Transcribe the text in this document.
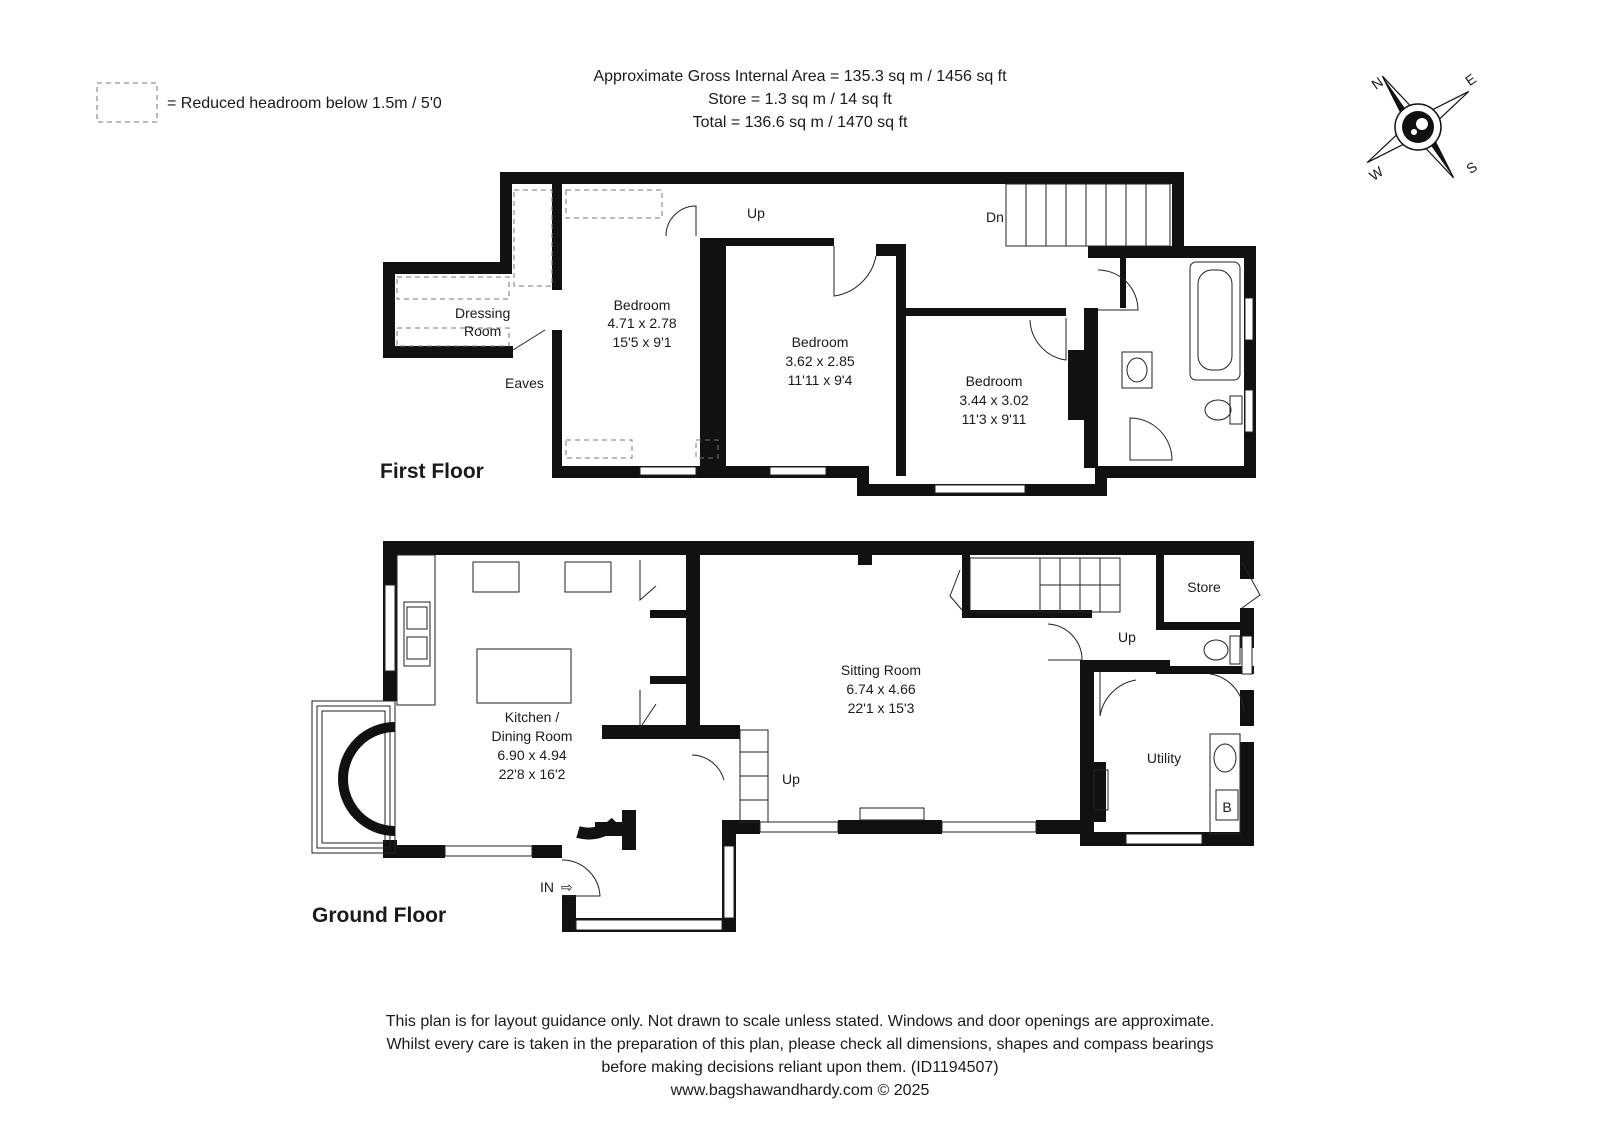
= Reduced headroom below 1.5m / 5'0
Approximate Gross Internal Area = 135.3 sq m / 1456 sq ft
Store = 1.3 sq m / 14 sq ft
Total = 136.6 sq m / 1470 sq ft
N	E
S
W
First Floor
Dressing
Room
Eaves
Up	Dn
Bedroom
4.71 x 2.78
15'5 x 9'1	Bedroom
3.62 x 2.85
11'11 x 9'4	Bedroom
3.44 x 3.02
11'3 x 9'11
Ground Floor
Kitchen /
Dining Room
6.90 x 4.94
22'8 x 16'2
Sitting Room
6.74 x 4.66
22'1 x 15'3
Store
Utility
B
Up
Up
IN ⇨
This plan is for layout guidance only. Not drawn to scale unless stated. Windows and door openings are approximate.
Whilst every care is taken in the preparation of this plan, please check all dimensions, shapes and compass bearings
before making decisions reliant upon them. (ID1194507)
www.bagshawandhardy.com © 2025
